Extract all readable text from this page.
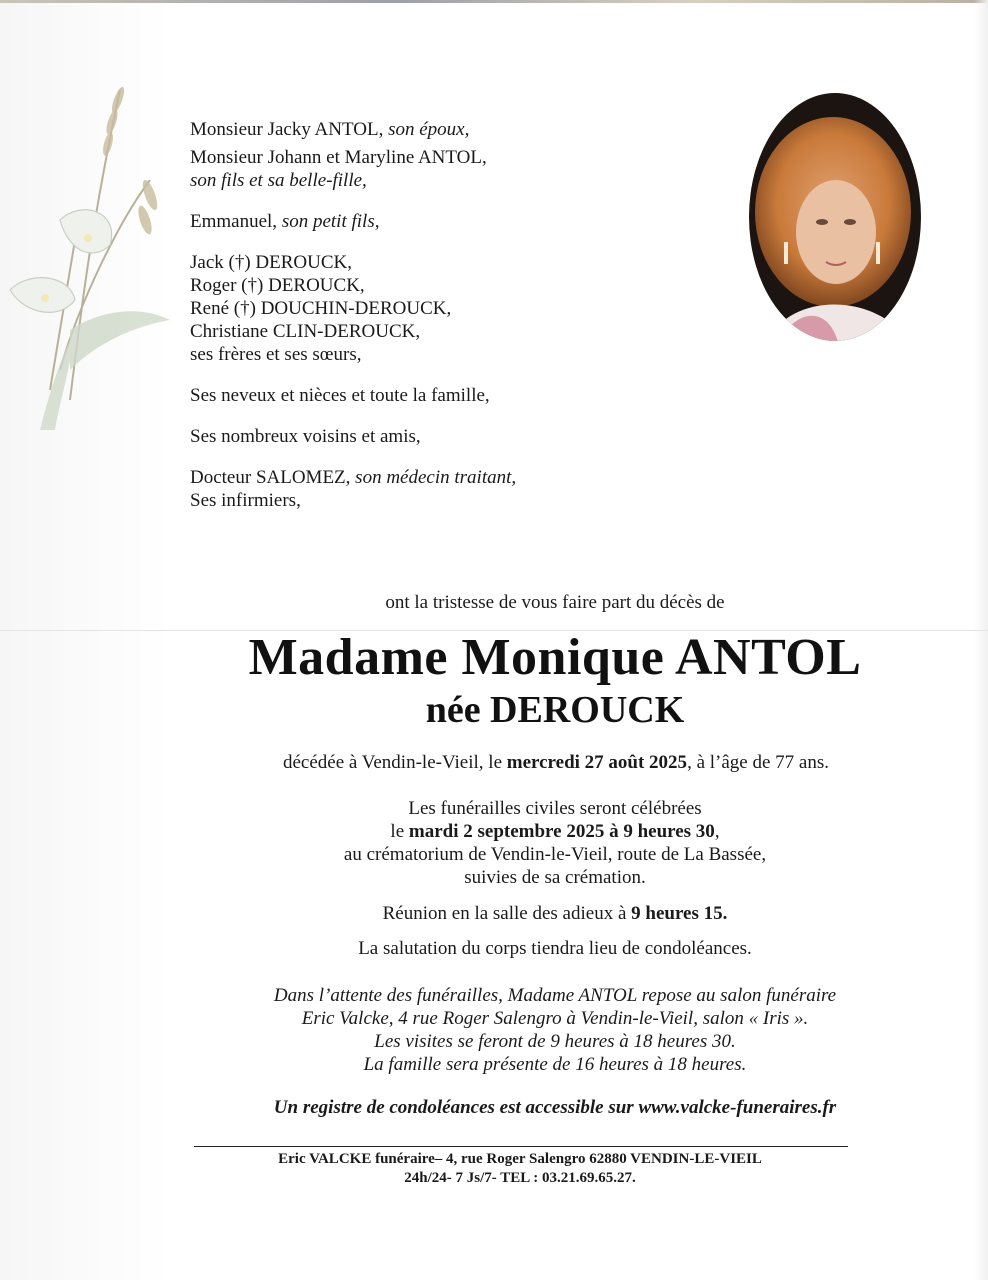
Monsieur Jacky ANTOL, son époux,

Monsieur Johann et Maryline ANTOL,

son fils et sa belle-fille,

Emmanuel, son petit fils,

Jack (†) DEROUCK,

Roger (†) DEROUCK,

René (†) DOUCHIN-DEROUCK,

Christiane CLIN-DEROUCK,

ses frères et ses sœurs,

Ses neveux et nièces et toute la famille,

Ses nombreux voisins et amis,

Docteur SALOMEZ, son médecin traitant,

Ses infirmiers,

ont la tristesse de vous faire part du décès de
Madame Monique ANTOL
née DEROUCK
décédée à Vendin-le-Vieil, le mercredi 27 août 2025, à l’âge de 77 ans.
Les funérailles civiles seront célébrées
le mardi 2 septembre 2025 à 9 heures 30,
au crématorium de Vendin-le-Vieil, route de La Bassée,
suivies de sa crémation.
Réunion en la salle des adieux à 9 heures 15.
La salutation du corps tiendra lieu de condoléances.
Dans l’attente des funérailles, Madame ANTOL repose au salon funéraire
Eric Valcke, 4 rue Roger Salengro à Vendin-le-Vieil, salon « Iris ».
Les visites se feront de 9 heures à 18 heures 30.
La famille sera présente de 16 heures à 18 heures.
Un registre de condoléances est accessible sur www.valcke-funeraires.fr
Eric VALCKE funéraire– 4, rue Roger Salengro 62880 VENDIN-LE-VIEIL
24h/24- 7 Js/7- TEL : 03.21.69.65.27.
